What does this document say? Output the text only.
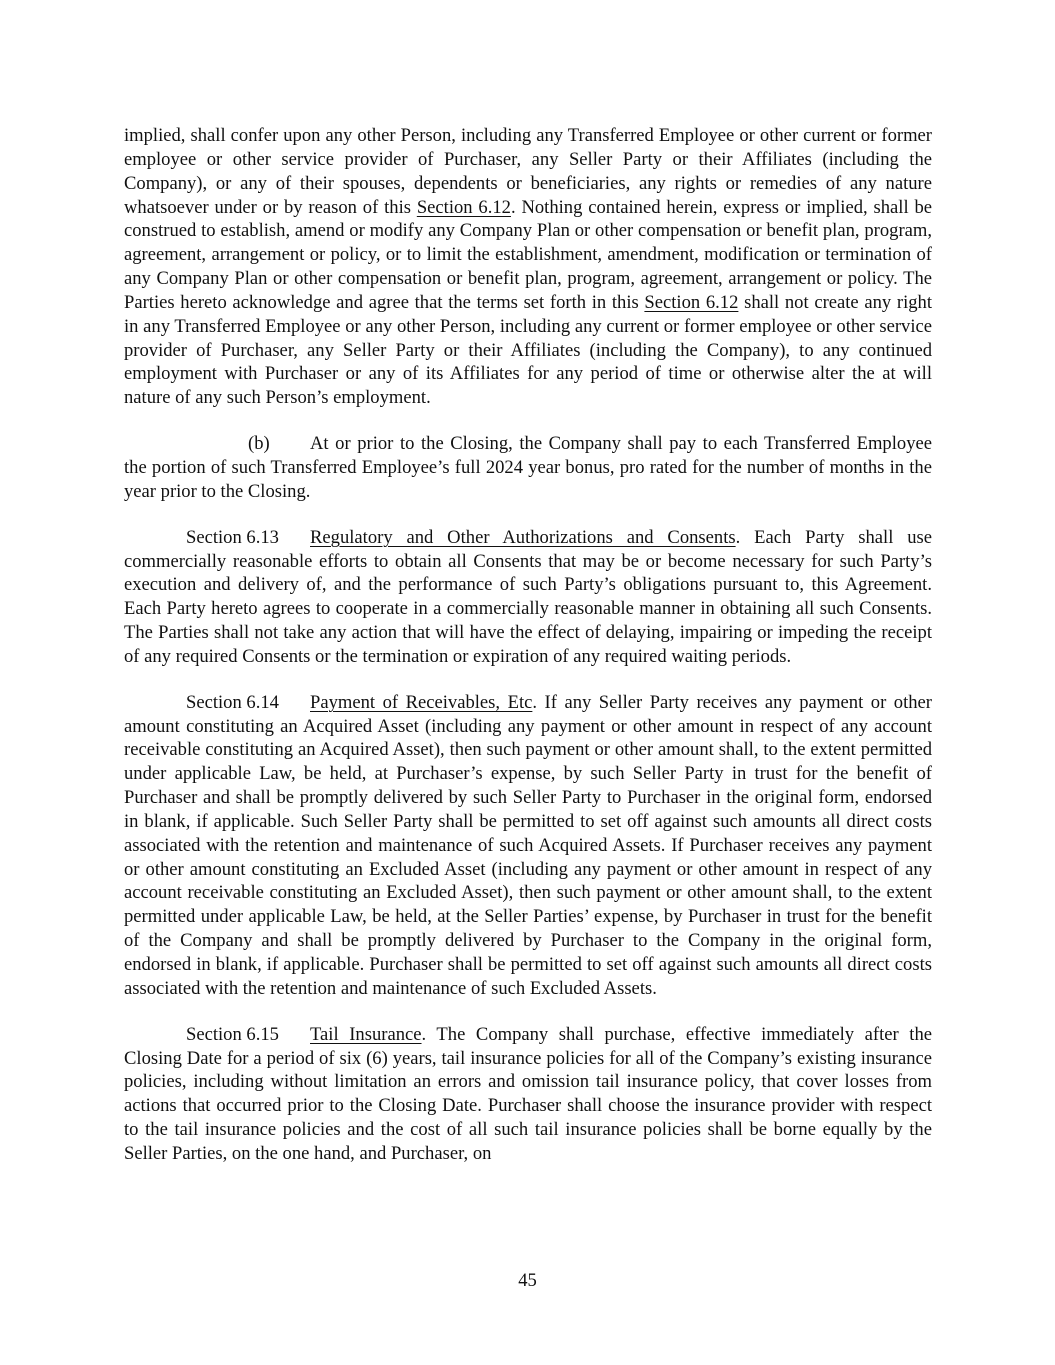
implied, shall confer upon any other Person, including any Transferred Employee or other current or former employee or other service provider of Purchaser, any Seller Party or their Affiliates (including the Company), or any of their spouses, dependents or beneficiaries, any rights or remedies of any nature whatsoever under or by reason of this Section 6.12. Nothing contained herein, express or implied, shall be construed to establish, amend or modify any Company Plan or other compensation or benefit plan, program, agreement, arrangement or policy, or to limit the establishment, amendment, modification or termination of any Company Plan or other compensation or benefit plan, program, agreement, arrangement or policy. The Parties hereto acknowledge and agree that the terms set forth in this Section 6.12 shall not create any right in any Transferred Employee or any other Person, including any current or former employee or other service provider of Purchaser, any Seller Party or their Affiliates (including the Company), to any continued employment with Purchaser or any of its Affiliates for any period of time or otherwise alter the at will nature of any such Person’s employment.

(b) At or prior to the Closing, the Company shall pay to each Transferred Employee the portion of such Transferred Employee’s full 2024 year bonus, pro rated for the number of months in the year prior to the Closing.

Section 6.13 Regulatory and Other Authorizations and Consents. Each Party shall use commercially reasonable efforts to obtain all Consents that may be or become necessary for such Party’s execution and delivery of, and the performance of such Party’s obligations pursuant to, this Agreement. Each Party hereto agrees to cooperate in a commercially reasonable manner in obtaining all such Consents. The Parties shall not take any action that will have the effect of delaying, impairing or impeding the receipt of any required Consents or the termination or expiration of any required waiting periods.

Section 6.14 Payment of Receivables, Etc. If any Seller Party receives any payment or other amount constituting an Acquired Asset (including any payment or other amount in respect of any account receivable constituting an Acquired Asset), then such payment or other amount shall, to the extent permitted under applicable Law, be held, at Purchaser’s expense, by such Seller Party in trust for the benefit of Purchaser and shall be promptly delivered by such Seller Party to Purchaser in the original form, endorsed in blank, if applicable. Such Seller Party shall be permitted to set off against such amounts all direct costs associated with the retention and maintenance of such Acquired Assets. If Purchaser receives any payment or other amount constituting an Excluded Asset (including any payment or other amount in respect of any account receivable constituting an Excluded Asset), then such payment or other amount shall, to the extent permitted under applicable Law, be held, at the Seller Parties’ expense, by Purchaser in trust for the benefit of the Company and shall be promptly delivered by Purchaser to the Company in the original form, endorsed in blank, if applicable. Purchaser shall be permitted to set off against such amounts all direct costs associated with the retention and maintenance of such Excluded Assets.

Section 6.15 Tail Insurance. The Company shall purchase, effective immediately after the Closing Date for a period of six (6) years, tail insurance policies for all of the Company’s existing insurance policies, including without limitation an errors and omission tail insurance policy, that cover losses from actions that occurred prior to the Closing Date. Purchaser shall choose the insurance provider with respect to the tail insurance policies and the cost of all such tail insurance policies shall be borne equally by the Seller Parties, on the one hand, and Purchaser, on

45
